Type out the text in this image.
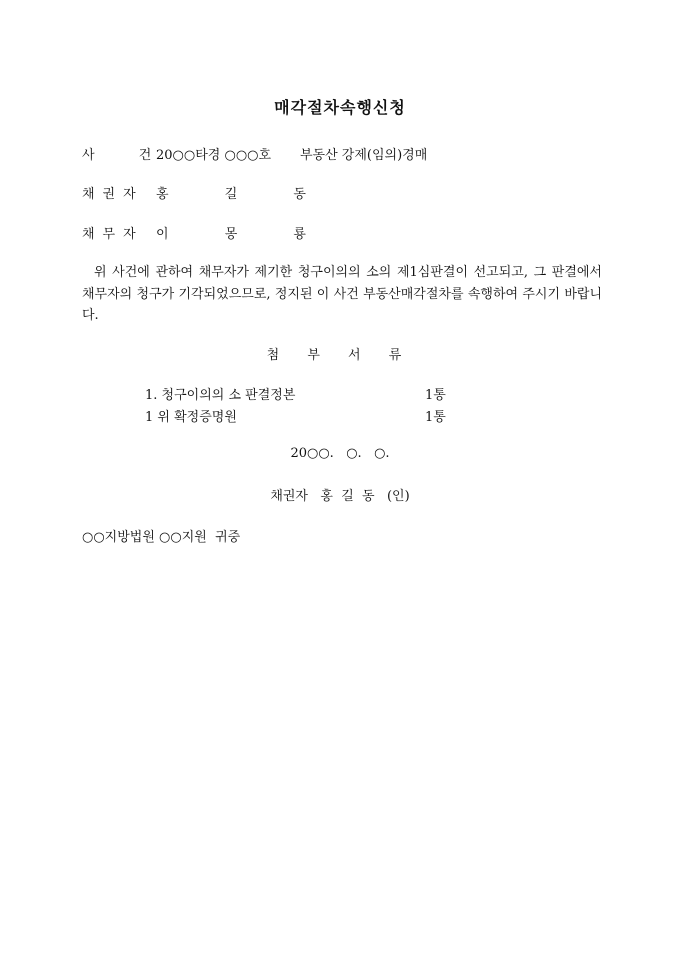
매각절차속행신청
사 건
20○○타경 ○○○호 부동산 강제(임의)경매
채권자 홍 길 동
채무자 이 몽 룡
위 사건에 관하여 채무자가 제기한 청구이의의 소의 제1심판결이 선고되고, 그 판결에서 채무자의 청구가 기각되었으므로, 정지된 이 사건 부동산매각절차를 속행하여 주시기 바랍니다.
첨 부 서 류
1. 청구이의의 소 판결정본	1통
1 위 확정증명원	1통
20○○.   ○.   ○.
채권자   홍  길  동   (인)
○○지방법원 ○○지원  귀중
